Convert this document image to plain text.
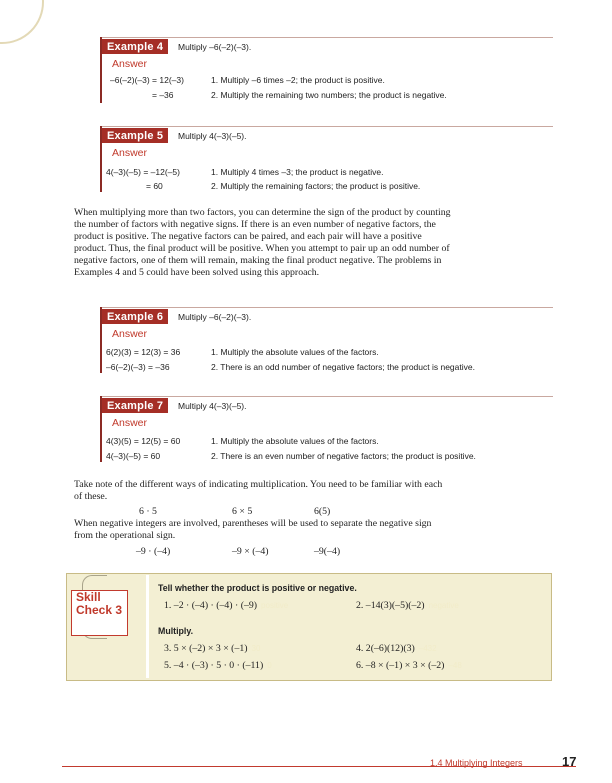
Example 4	Multiply –6(–2)(–3).
Answer
–6(–2)(–3) = 12(–3)	1. Multiply –6 times –2; the product is positive.
= –36	2. Multiply the remaining two numbers; the product is negative.
Example 5	Multiply 4(–3)(–5).
Answer
4(–3)(–5) = –12(–5)	1. Multiply 4 times –3; the product is negative.
= 60	2. Multiply the remaining factors; the product is positive.
When multiplying more than two factors, you can determine the sign of the product by counting the number of factors with negative signs. If there is an even number of negative factors, the product is positive. The negative factors can be paired, and each pair will have a positive product. Thus, the final product will be positive. When you attempt to pair up an odd number of negative factors, one of them will remain, making the final product negative. The problems in Examples 4 and 5 could have been solved using this approach.
Example 6	Multiply –6(–2)(–3).
Answer
6(2)(3) = 12(3) = 36	1. Multiply the absolute values of the factors.
–6(–2)(–3) = –36	2. There is an odd number of negative factors; the product is negative.
Example 7	Multiply 4(–3)(–5).
Answer
4(3)(5) = 12(5) = 60	1. Multiply the absolute values of the factors.
4(–3)(–5) = 60	2. There is an even number of negative factors; the product is positive.
Take note of the different ways of indicating multiplication. You need to be familiar with each of these.
6 · 5	6 × 5	6(5)
When negative integers are involved, parentheses will be used to separate the negative sign from the operational sign.
–9 · (–4)	–9 × (–4)	–9(–4)
Skill
Check 3
Tell whether the product is positive or negative.
1. –2 · (–4) · (–4) · (–9) positive	2. –14(3)(–5)(–2) negative
Multiply.
3. 5 × (–2) × 3 × (–1) 30	4. 2(–6)(12)(3) –432
5. –4 · (–3) · 5 · 0 · (–11) 0	6. –8 × (–1) × 3 × (–2) –48
1.4 Multiplying Integers	17
